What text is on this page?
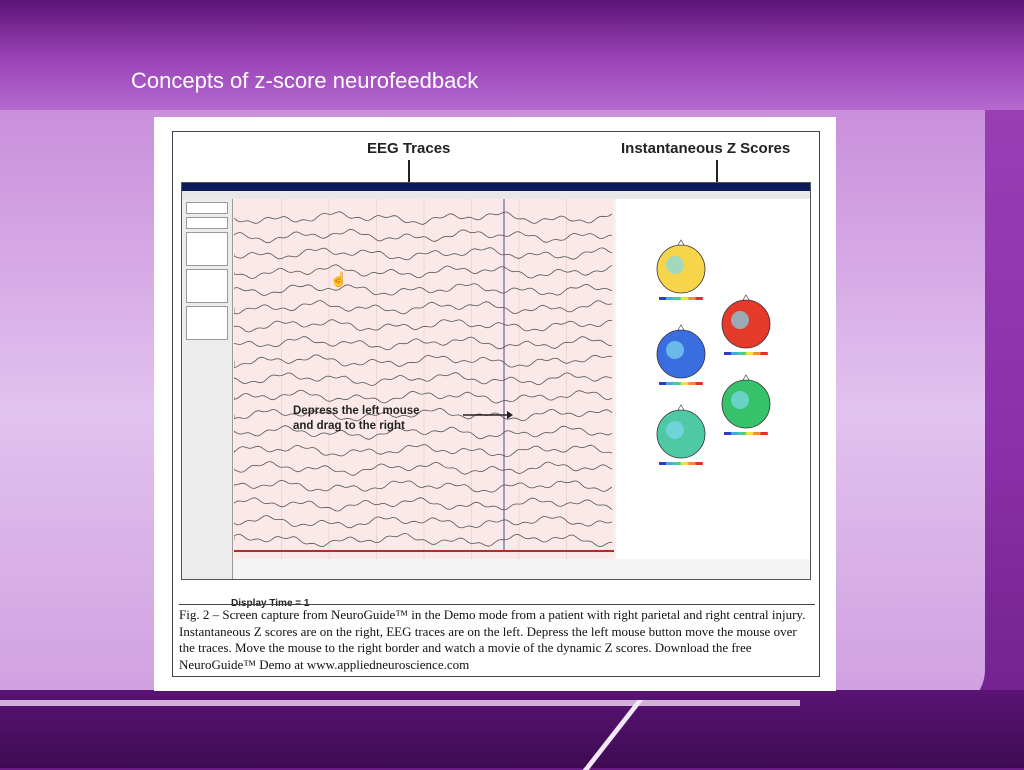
Concepts of z-score neurofeedback
EEG Traces	Instantaneous Z Scores

☝
Depress the left mouse
and drag to the right
Display Time = 1
Fig. 2 – Screen capture from NeuroGuide™ in the Demo mode from a patient with right parietal and right central injury. Instantaneous Z scores are on the right, EEG traces are on the left. Depress the left mouse button move the mouse over the traces. Move the mouse to the right border and watch a movie of the dynamic Z scores. Download the free NeuroGuide™ Demo at www.appliedneuroscience.com
